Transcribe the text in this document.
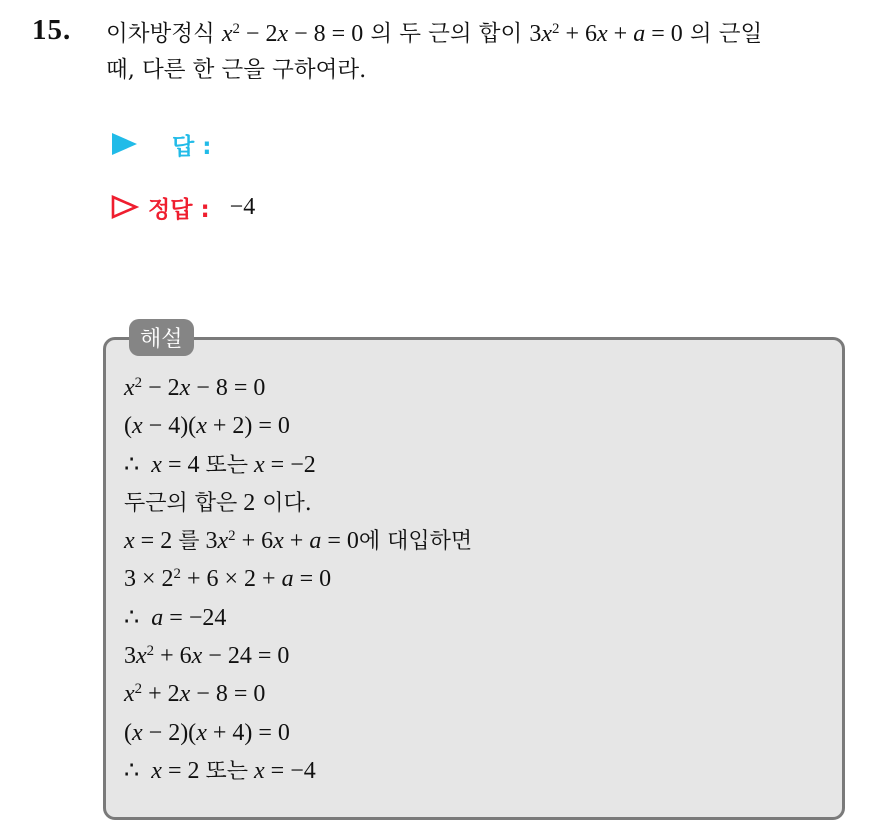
15. 이차방정식 $x^2 - 2x - 8 = 0$ 의 두 근의 합이 $3x^2 + 6x + a = 0$ 의 근일
때, 다른 한 근을 구하여라.
답 :
정답 : −4
해설
$x^2 - 2x - 8 = 0$
(x − 4)(x + 2) = 0
∴  x = 4 또는 x = −2
두근의 합은 2 이다.
x = 2 를 $3x^2 + 6x + a = 0$에 대입하면
$3 \times 2^2 + 6 \times 2 + a = 0$
∴  a = −24
$3x^2 + 6x - 24 = 0$
$x^2 + 2x - 8 = 0$
(x − 2)(x + 4) = 0
∴  x = 2 또는 x = −4
